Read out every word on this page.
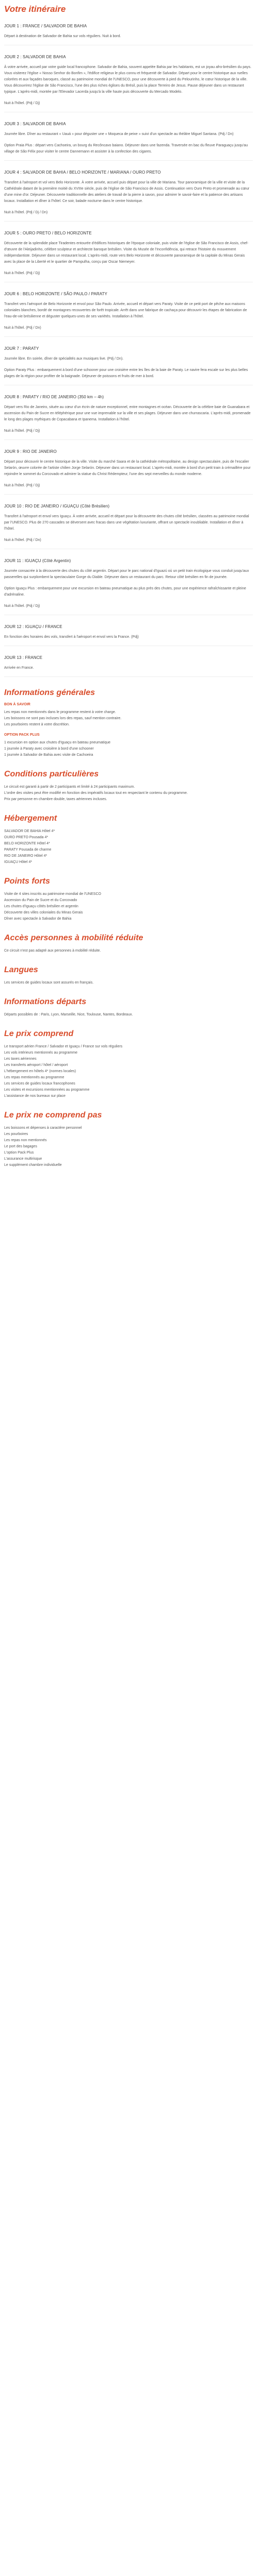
Votre itinéraire
JOUR 1 : FRANCE / SALVADOR DE BAHIA

Départ à destination de Salvador de Bahia sur vols réguliers. Nuit à bord.

JOUR 2 : SALVADOR DE BAHIA

À votre arrivée, accueil par votre guide local francophone. Salvador de Bahia, souvent appelée Bahia par les habitants, est un joyau afro-brésilien du pays. Vous visiterez l'église « Nosso Senhor do Bonfim », l'édifice religieux le plus connu et fréquenté de Salvador. Départ pour le centre historique aux ruelles colorées et aux façades baroques, classé au patrimoine mondial de l'UNESCO, pour une découverte à pied du Pelourinho, le cœur historique de la ville. Vous découvrirez l'église de São Francisco, l'une des plus riches églises du Brésil, puis la place Terreiro de Jesus. Pause déjeuner dans un restaurant typique. L'après-midi, montée par l'Elevador Lacerda jusqu'à la ville haute puis découverte du Mercado Modelo.

Nuit à l'hôtel. (Pdj / Dj)

JOUR 3 : SALVADOR DE BAHIA

Journée libre. Dîner au restaurant « Uauá » pour déguster une « Moqueca de peixe » suivi d'un spectacle au théâtre Miguel Santana. (Pdj / Dn)

Option Praia Plus : départ vers Cachoeira, un bourg du Recôncavo baiano. Déjeuner dans une fazenda. Traversée en bac du fleuve Paraguaçu jusqu'au village de São Félix pour visiter le centre Dannemann et assister à la confection des cigares.

JOUR 4 : SALVADOR DE BAHIA / BELO HORIZONTE / MARIANA / OURO PRETO

Transfert à l'aéroport et vol vers Belo Horizonte. À votre arrivée, accueil puis départ pour la ville de Mariana. Tour panoramique de la ville et visite de la Cathédrale datant de la première moitié du XVIIIe siècle, puis de l'église de São Francisco de Assis. Continuation vers Ouro Preto et promenade au cœur d'une mine d'or. Déjeuner. Découverte traditionnelle des ateliers de travail de la pierre à savon, pour admirer le savoir-faire et la patience des artisans locaux. Installation et dîner à l'hôtel. Ce soir, balade nocturne dans le centre historique.

Nuit à l'hôtel. (Pdj / Dj / Dn)

JOUR 5 : OURO PRETO / BELO HORIZONTE

Découverte de la splendide place Tiradentes entourée d'édifices historiques de l'époque coloniale, puis visite de l'église de São Francisco de Assis, chef-d'œuvre de l'Aleijadinho, célèbre sculpteur et architecte baroque brésilien. Visite du Musée de l'Inconfidência, qui retrace l'histoire du mouvement indépendantiste. Déjeuner dans un restaurant local. L'après-midi, route vers Belo Horizonte et découverte panoramique de la capitale du Minas Gerais avec la place de la Liberté et le quartier de Pampulha, conçu par Oscar Niemeyer.

Nuit à l'hôtel. (Pdj / Dj)

JOUR 6 : BELO HORIZONTE / SÃO PAULO / PARATY

Transfert vers l'aéroport de Belo Horizonte et envol pour São Paulo. Arrivée, accueil et départ vers Paraty. Visite de ce petit port de pêche aux maisons coloniales blanches, bordé de montagnes recouvertes de forêt tropicale. Arrêt dans une fabrique de cachaça pour découvrir les étapes de fabrication de l'eau-de-vie brésilienne et déguster quelques-unes de ses variétés. Installation à l'hôtel.

Nuit à l'hôtel. (Pdj / Dn)

JOUR 7 : PARATY

Journée libre. En soirée, dîner de spécialités aux musiques live. (Pdj / Dn).

Option Paraty Plus : embarquement à bord d'une schooner pour une croisière entre les îles de la baie de Paraty. Le navire fera escale sur les plus belles plages de la région pour profiter de la baignade. Déjeuner de poissons et fruits de mer à bord.

JOUR 8 : PARATY / RIO DE JANEIRO (350 km – 4h)

Départ vers Rio de Janeiro, située au cœur d'un écrin de nature exceptionnel, entre montagnes et océan. Découverte de la célèbre baie de Guanabara et ascension du Pain de Sucre en téléphérique pour une vue imprenable sur la ville et ses plages. Déjeuner dans une churrascaria. L'après-midi, promenade le long des plages mythiques de Copacabana et Ipanema. Installation à l'hôtel.

Nuit à l'hôtel. (Pdj / Dj)

JOUR 9 : RIO DE JANEIRO

Départ pour découvrir le centre historique de la ville. Visite du marché Saara et de la cathédrale métropolitaine, au design spectaculaire, puis de l'escalier Selarón, œuvre colorée de l'artiste chilien Jorge Selarón. Déjeuner dans un restaurant local. L'après-midi, montée à bord d'un petit train à crémaillère pour rejoindre le sommet du Corcovado et admirer la statue du Christ Rédempteur, l'une des sept merveilles du monde moderne.

Nuit à l'hôtel. (Pdj / Dj)

JOUR 10 : RIO DE JANEIRO / IGUAÇU (Côté Brésilien)

Transfert à l'aéroport et envol vers Iguaçu. À votre arrivée, accueil et départ pour la découverte des chutes côté brésilien, classées au patrimoine mondial par l'UNESCO. Plus de 270 cascades se déversent avec fracas dans une végétation luxuriante, offrant un spectacle inoubliable. Installation et dîner à l'hôtel.

Nuit à l'hôtel. (Pdj / Dn)

JOUR 11 : IGUAÇU (Côté Argentin)

Journée consacrée à la découverte des chutes du côté argentin. Départ pour le parc national d'Iguazú où un petit train écologique vous conduit jusqu'aux passerelles qui surplombent la spectaculaire Gorge du Diable. Déjeuner dans un restaurant du parc. Retour côté brésilien en fin de journée.

Option Iguaçu Plus : embarquement pour une excursion en bateau pneumatique au plus près des chutes, pour une expérience rafraîchissante et pleine d'adrénaline.

Nuit à l'hôtel. (Pdj / Dj)

JOUR 12 : IGUAÇU / FRANCE

En fonction des horaires des vols, transfert à l'aéroport et envol vers la France. (Pdj)

JOUR 13 : FRANCE

Arrivée en France.

Informations générales
BON À SAVOIR
Les repas non mentionnés dans le programme restent à votre charge.
Les boissons ne sont pas incluses lors des repas, sauf mention contraire.
Les pourboires restent à votre discrétion.
OPTION PACK PLUS
1 excursion en option aux chutes d'Iguaçu en bateau pneumatique
1 journée à Paraty avec croisière à bord d'une schooner
1 journée à Salvador de Bahia avec visite de Cachoeira
Conditions particulières
Le circuit est garanti à partir de 2 participants et limité à 24 participants maximum.
L'ordre des visites peut être modifié en fonction des impératifs locaux tout en respectant le contenu du programme.
Prix par personne en chambre double, taxes aériennes incluses.
Hébergement
SALVADOR DE BAHIA Hôtel 4*
OURO PRETO Pousada 4*
BELO HORIZONTE Hôtel 4*
PARATY Pousada de charme
RIO DE JANEIRO Hôtel 4*
IGUAÇU Hôtel 4*
Points forts
Visite de 4 sites inscrits au patrimoine mondial de l'UNESCO
Ascension du Pain de Sucre et du Corcovado
Les chutes d'Iguaçu côtés brésilien et argentin
Découverte des villes coloniales du Minas Gerais
Dîner avec spectacle à Salvador de Bahia
Accès personnes à mobilité réduite
Ce circuit n'est pas adapté aux personnes à mobilité réduite.
Langues
Les services de guides locaux sont assurés en français.
Informations départs
Départs possibles de : Paris, Lyon, Marseille, Nice, Toulouse, Nantes, Bordeaux.
Le prix comprend
Le transport aérien France / Salvador et Iguaçu / France sur vols réguliers
Les vols intérieurs mentionnés au programme
Les taxes aériennes
Les transferts aéroport / hôtel / aéroport
L'hébergement en hôtels 4* (normes locales)
Les repas mentionnés au programme
Les services de guides locaux francophones
Les visites et excursions mentionnées au programme
L'assistance de nos bureaux sur place
Le prix ne comprend pas
Les boissons et dépenses à caractère personnel
Les pourboires
Les repas non mentionnés
Le port des bagages
L'option Pack Plus
L'assurance multirisque
Le supplément chambre individuelle
